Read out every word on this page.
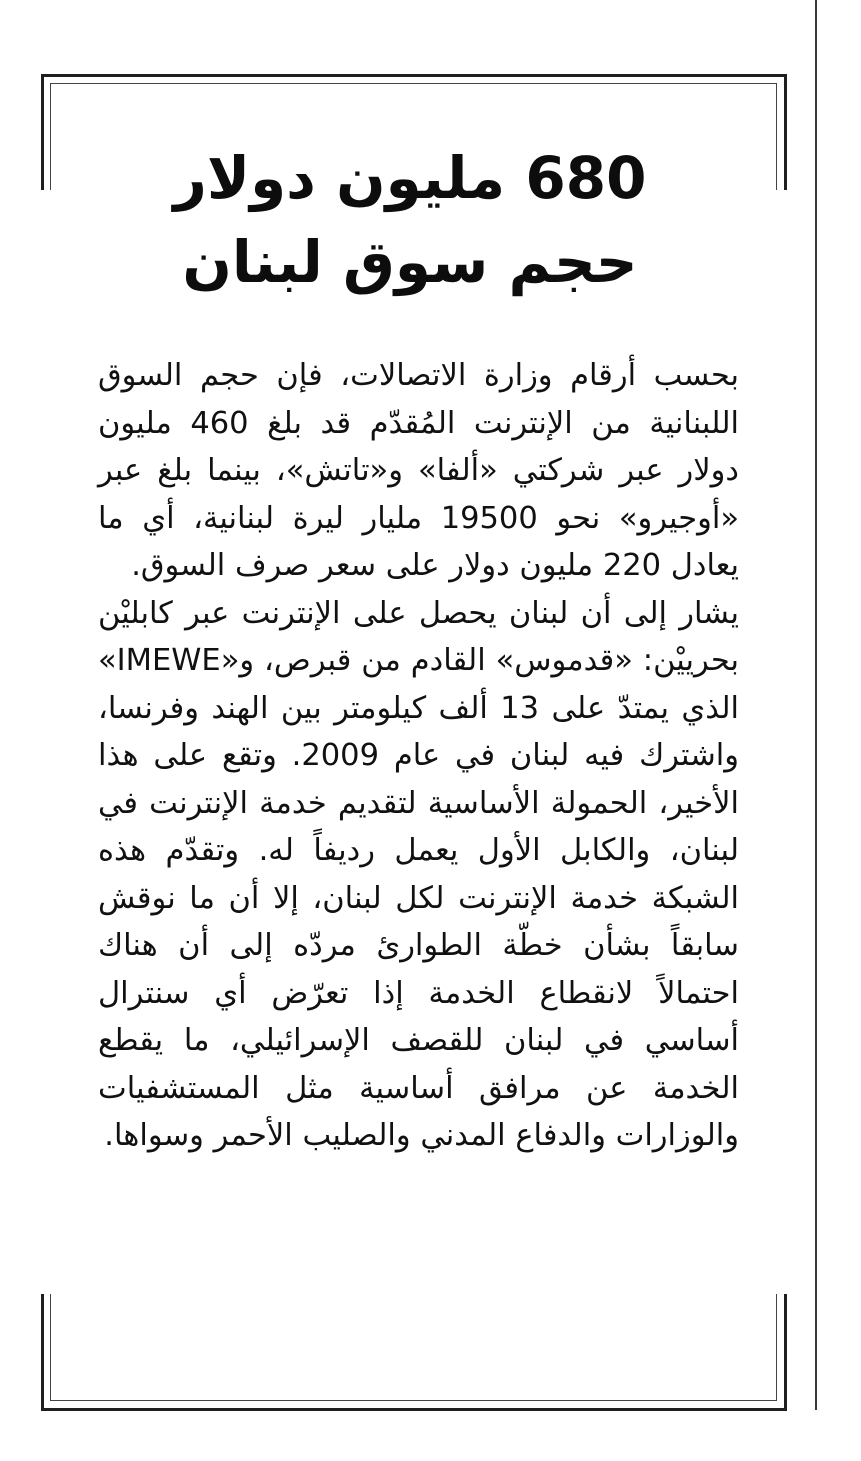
680 مليون دولار
حجم سوق لبنان

بحسب أرقام وزارة الاتصالات، فإن حجم السوق اللبنانية من الإنترنت المُقدّم قد بلغ 460 مليون دولار عبر شركتي «ألفا» و«تاتش»، بينما بلغ عبر «أوجيرو» نحو 19500 مليار ليرة لبنانية، أي ما يعادل 220 مليون دولار على سعر صرف السوق.

يشار إلى أن لبنان يحصل على الإنترنت عبر كابليْن بحرييْن: «قدموس» القادم من قبرص، و«IMEWE» الذي يمتدّ على 13 ألف كيلومتر بين الهند وفرنسا، واشترك فيه لبنان في عام 2009. وتقع على هذا الأخير، الحمولة الأساسية لتقديم خدمة الإنترنت في لبنان، والكابل الأول يعمل رديفاً له. وتقدّم هذه الشبكة خدمة الإنترنت لكل لبنان، إلا أن ما نوقش سابقاً بشأن خطّة الطوارئ مردّه إلى أن هناك احتمالاً لانقطاع الخدمة إذا تعرّض أي سنترال أساسي في لبنان للقصف الإسرائيلي، ما يقطع الخدمة عن مرافق أساسية مثل المستشفيات والوزارات والدفاع المدني والصليب الأحمر وسواها.
